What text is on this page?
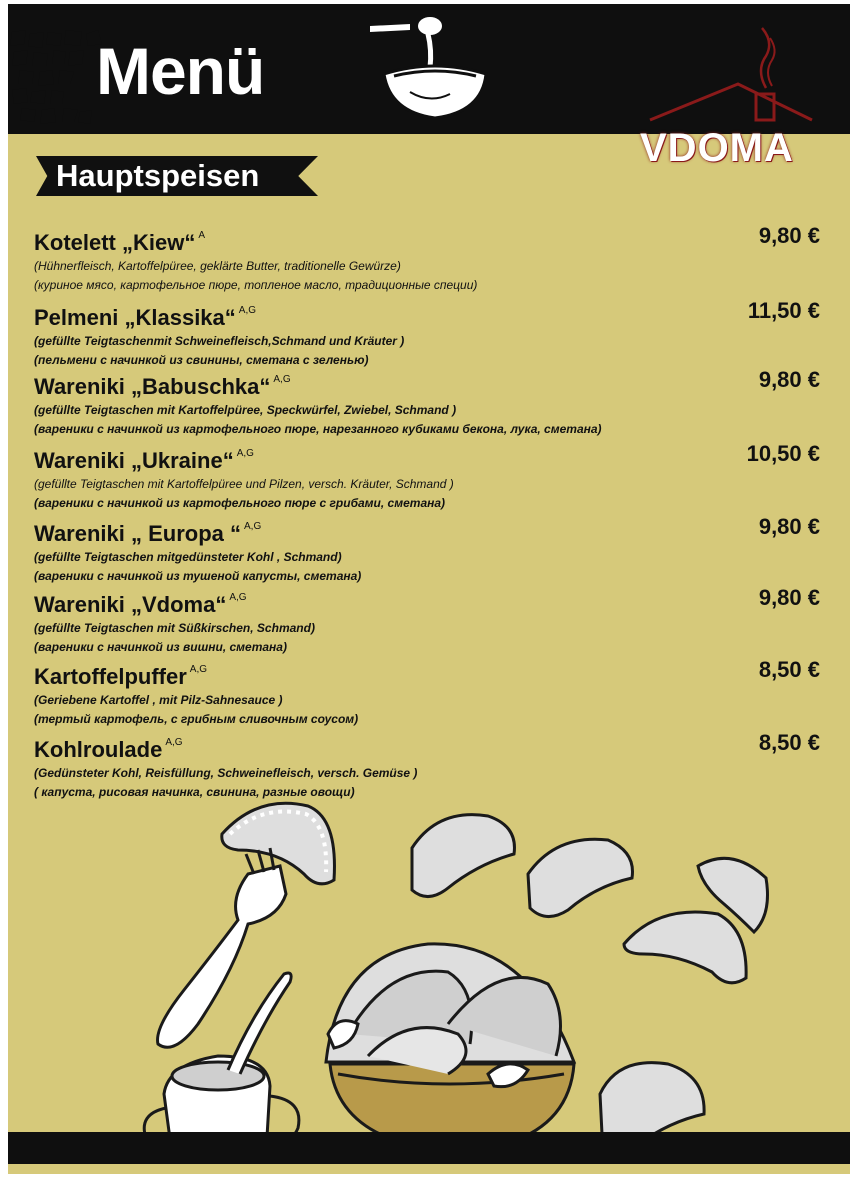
Menü
VDOMA
Hauptspeisen

Kotelett „Kiew“ $^A$	9,80 €

(Hühnerfleisch, Kartoffelpüree, geklärte Butter, traditionelle Gewürze)

(куриное мясо, картофельное пюре, топленое масло, традиционные специи)

Pelmeni „Klassika“ $^{A,G}$	11,50 €

(gefüllte Teigtaschenmit Schweinefleisch,Schmand und Kräuter )

(пельмени с начинкой из свинины, сметана с зеленью)

Wareniki „Babuschka“ $^{A,G}$	9,80 €

(gefüllte Teigtaschen mit Kartoffelpüree, Speckwürfel, Zwiebel, Schmand )

(вареники с начинкой из картофельного пюре, нарезанного кубиками бекона, лука, сметана)

Wareniki „Ukraine“ $^{A,G}$	10,50 €

(gefüllte Teigtaschen mit Kartoffelpüree und Pilzen, versch. Kräuter, Schmand )

(вареники с начинкой из картофельного пюре с грибами, сметана)

Wareniki „ Europa “ $^{A,G}$	9,80 €

(gefüllte Teigtaschen mitgedünsteter Kohl , Schmand)

(вареники с начинкой из тушеной капусты, сметана)

Wareniki „Vdoma“ $^{A,G}$	9,80 €

(gefüllte Teigtaschen mit Süßkirschen, Schmand)

(вареники с начинкой из вишни, сметана)

Kartoffelpuffer $^{A,G}$	8,50 €

(Geriebene Kartoffel , mit Pilz-Sahnesauce )

(тертый картофель, с грибным сливочным соусом)

Kohlroulade $^{A,G}$	8,50 €

(Gedünsteter Kohl, Reisfüllung, Schweinefleisch, versch. Gemüse )

( капуста, рисовая начинка, свинина, разные овощи)
